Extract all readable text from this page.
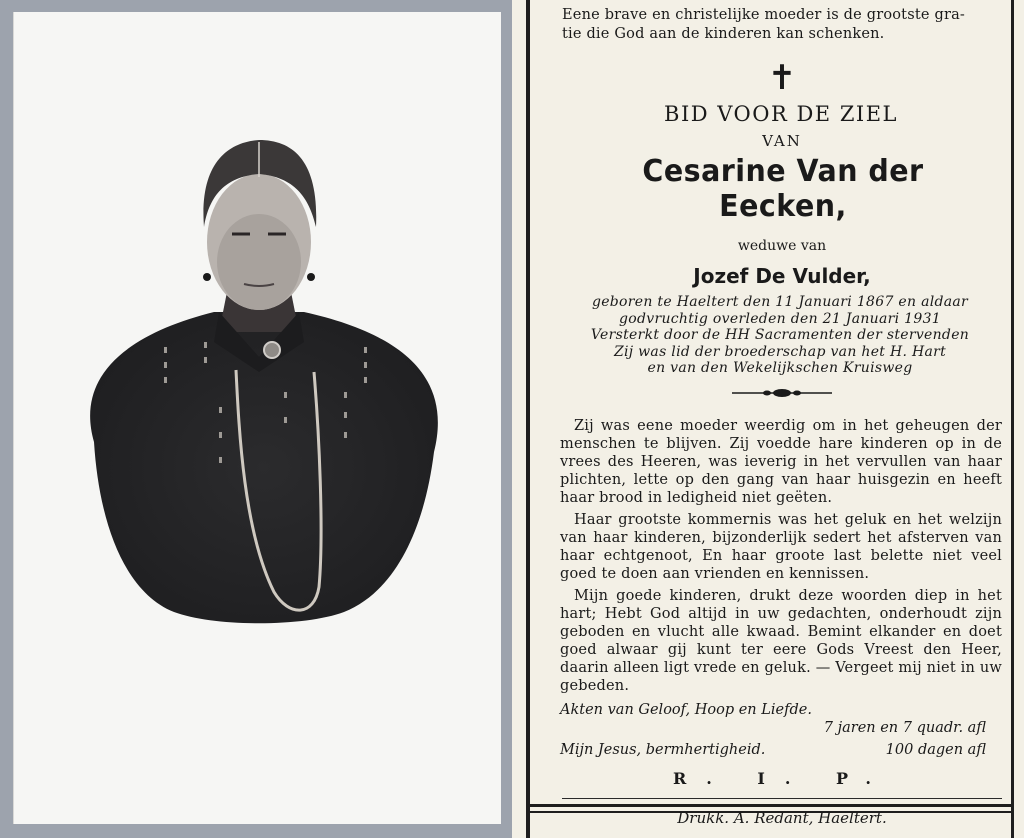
Eene brave en christelijke moeder is de grootste gra-
tie die God aan de kinderen kan schenken.
✝
BID VOOR DE ZIEL
VAN
Cesarine Van der Eecken,
weduwe van
Jozef De Vulder,
geboren te Haeltert den 11 Januari 1867 en aldaar
godvruchtig overleden den 21 Januari 1931
Versterkt door de HH Sacramenten der stervenden
Zij was lid der broederschap van het H. Hart
en van den Wekelijkschen Kruisweg

Zij was eene moeder weerdig om in het geheugen der menschen te blijven. Zij voedde hare kinderen op in de vrees des Heeren, was ieverig in het vervullen van haar plichten, lette op den gang van haar huisgezin en heeft haar brood in ledigheid niet geëten.

Haar grootste kommernis was het geluk en het welzijn van haar kinderen, bijzonderlijk sedert het afsterven van haar echtgenoot, En haar groote last belette niet veel goed te doen aan vrienden en kennissen.

Mijn goede kinderen, drukt deze woorden diep in het hart; Hebt God altijd in uw gedachten, onderhoudt zijn geboden en vlucht alle kwaad. Bemint elkander en doet goed alwaar gij kunt ter eere Gods Vreest den Heer, daarin alleen ligt vrede en geluk. — Vergeet mij niet in uw gebeden.

Akten van Geloof, Hoop en Liefde.
7 jaren en 7 quadr. afl
Mijn Jesus, bermhertigheid.	100 dagen afl
R. I. P.
Drukk. A. Redant, Haeltert.
